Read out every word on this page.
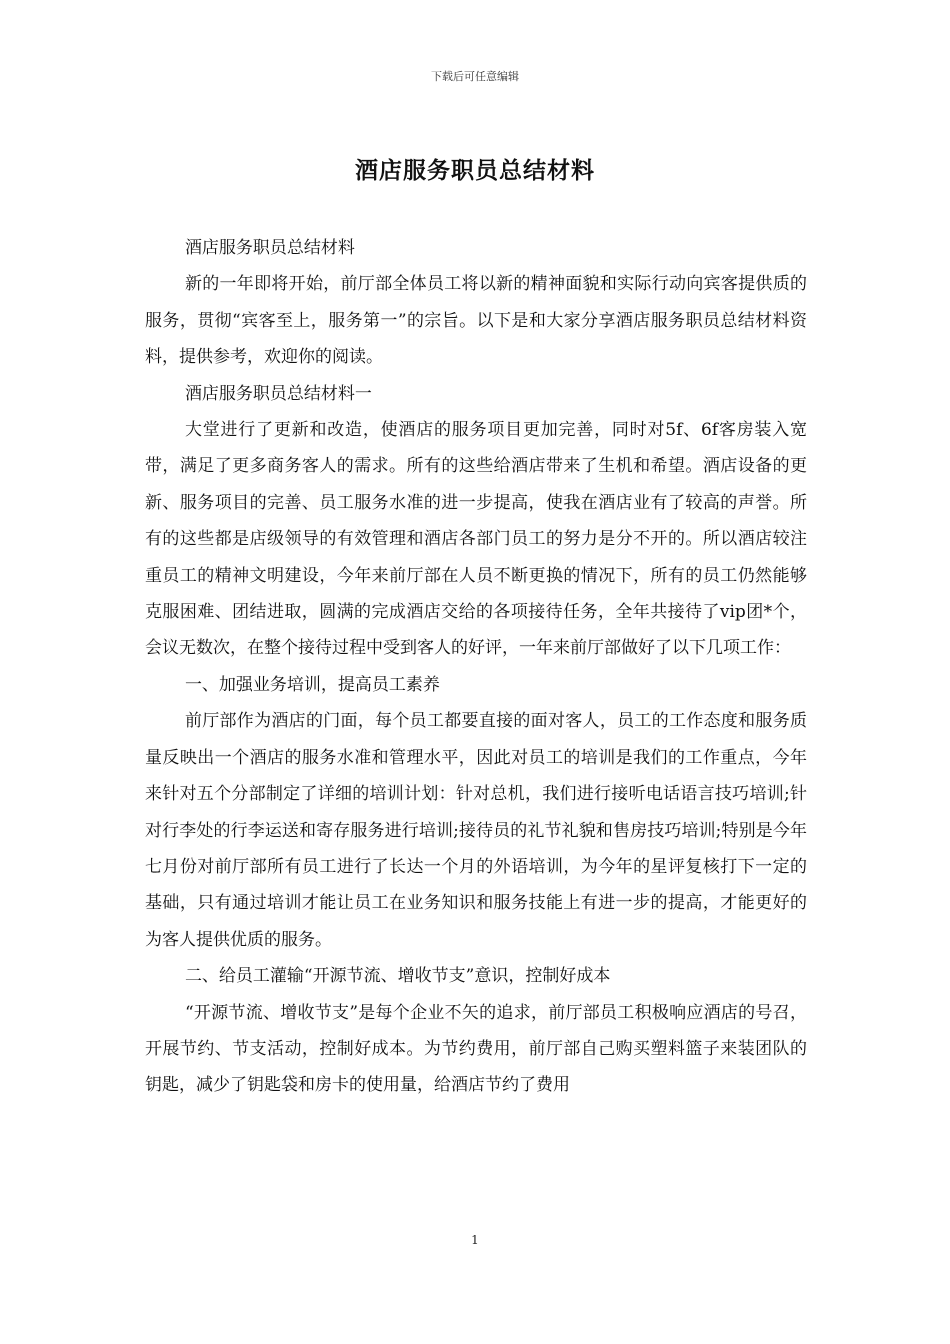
下载后可任意编辑
酒店服务职员总结材料

酒店服务职员总结材料

新的一年即将开始，前厅部全体员工将以新的精神面貌和实际行动向宾客提供质的服务，贯彻“宾客至上，服务第一”的宗旨。以下是和大家分享酒店服务职员总结材料资料，提供参考，欢迎你的阅读。

酒店服务职员总结材料一

大堂进行了更新和改造，使酒店的服务项目更加完善，同时对5f、6f客房装入宽带，满足了更多商务客人的需求。所有的这些给酒店带来了生机和希望。酒店设备的更新、服务项目的完善、员工服务水准的进一步提高，使我在酒店业有了较高的声誉。所有的这些都是店级领导的有效管理和酒店各部门员工的努力是分不开的。所以酒店较注重员工的精神文明建设，今年来前厅部在人员不断更换的情况下，所有的员工仍然能够克服困难、团结进取，圆满的完成酒店交给的各项接待任务，全年共接待了vip团*个，会议无数次，在整个接待过程中受到客人的好评，一年来前厅部做好了以下几项工作：

一、加强业务培训，提高员工素养

前厅部作为酒店的门面，每个员工都要直接的面对客人，员工的工作态度和服务质量反映出一个酒店的服务水准和管理水平，因此对员工的培训是我们的工作重点，今年来针对五个分部制定了详细的培训计划：针对总机，我们进行接听电话语言技巧培训;针对行李处的行李运送和寄存服务进行培训;接待员的礼节礼貌和售房技巧培训;特别是今年七月份对前厅部所有员工进行了长达一个月的外语培训，为今年的星评复核打下一定的基础，只有通过培训才能让员工在业务知识和服务技能上有进一步的提高，才能更好的为客人提供优质的服务。

二、给员工灌输“开源节流、增收节支”意识，控制好成本

“开源节流、增收节支”是每个企业不矢的追求，前厅部员工积极响应酒店的号召，开展节约、节支活动，控制好成本。为节约费用，前厅部自己购买塑料篮子来装团队的钥匙，减少了钥匙袋和房卡的使用量，给酒店节约了费用

1
